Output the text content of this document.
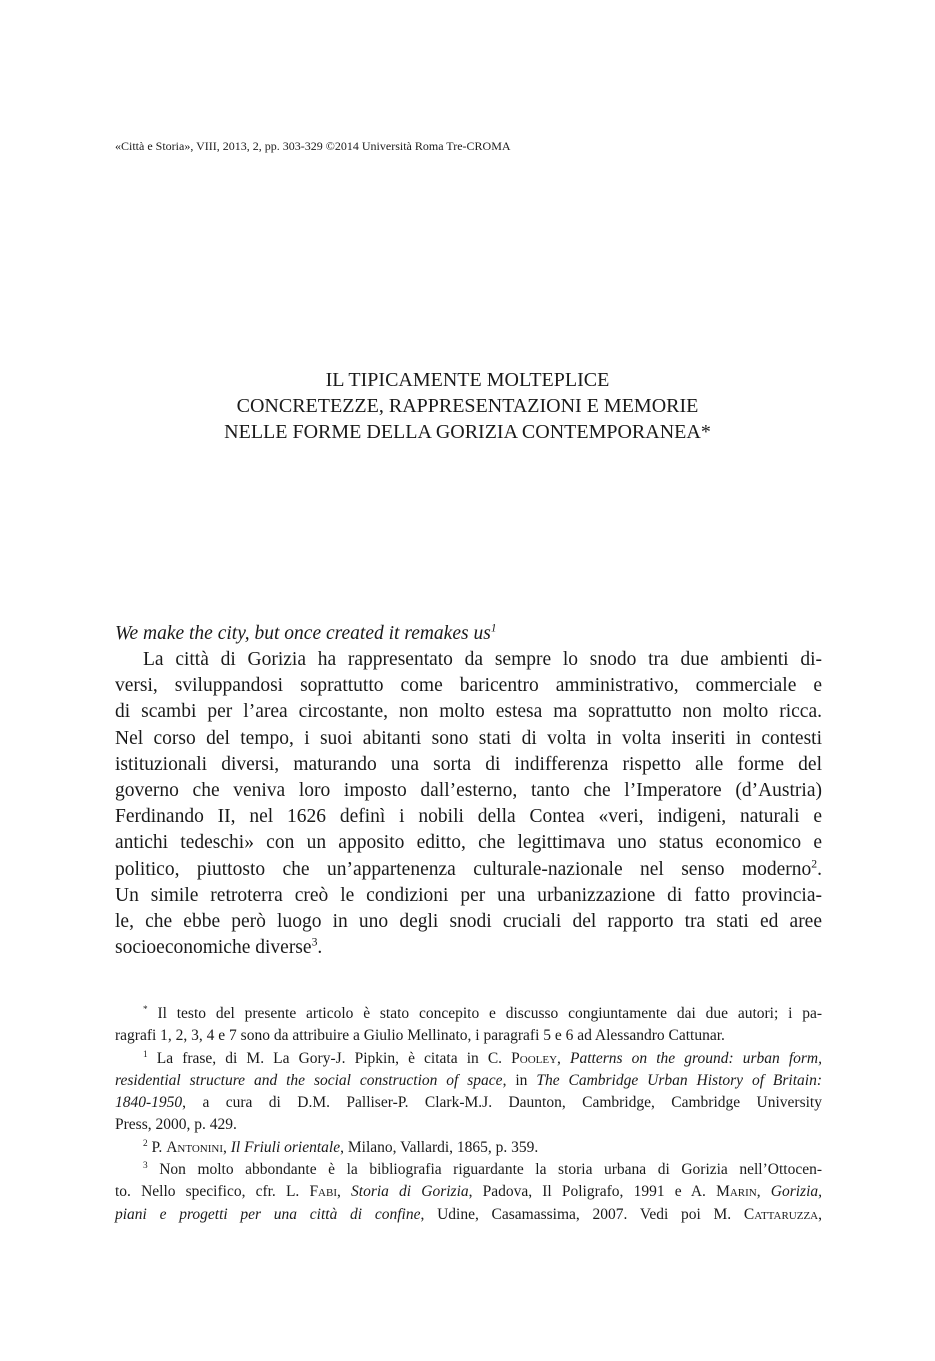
«Città e Storia», VIII, 2013, 2, pp. 303-329 ©2014 Università Roma Tre-CROMA
IL TIPICAMENTE MOLTEPLICE
CONCRETEZZE, RAPPRESENTAZIONI E MEMORIE
NELLE FORME DELLA GORIZIA CONTEMPORANEA*
We make the city, but once created it remakes $us^1$
La città di Gorizia ha rappresentato da sempre lo snodo tra due ambienti di-
versi, sviluppandosi soprattutto come baricentro amministrativo, commerciale e
di scambi per l’area circostante, non molto estesa ma soprattutto non molto ricca.
Nel corso del tempo, i suoi abitanti sono stati di volta in volta inseriti in contesti
istituzionali diversi, maturando una sorta di indifferenza rispetto alle forme del
governo che veniva loro imposto dall’esterno, tanto che l’Imperatore (d’Austria)
Ferdinando II, nel 1626 definì i nobili della Contea «veri, indigeni, naturali e
antichi tedeschi» con un apposito editto, che legittimava uno status economico e
politico, piuttosto che un’appartenenza culturale-nazionale nel senso moderno$^2$.
Un simile retroterra creò le condizioni per una urbanizzazione di fatto provincia-
le, che ebbe però luogo in uno degli snodi cruciali del rapporto tra stati ed aree
socioeconomiche diverse$^3$.
* Il testo del presente articolo è stato concepito e discusso congiuntamente dai due autori; i pa-
ragrafi 1, 2, 3, 4 e 7 sono da attribuire a Giulio Mellinato, i paragrafi 5 e 6 ad Alessandro Cattunar.
$^1$ La frase, di M. La Gory-J. Pipkin, è citata in C. Pooley, Patterns on the ground: urban form,
residential structure and the social construction of space, in The Cambridge Urban History of Britain:
1840-1950, a cura di D.M. Palliser-P. Clark-M.J. Daunton, Cambridge, Cambridge University
Press, 2000, p. 429.
$^2$ P. Antonini, Il Friuli orientale, Milano, Vallardi, 1865, p. 359.
$^3$ Non molto abbondante è la bibliografia riguardante la storia urbana di Gorizia nell’Ottocen-
to. Nello specifico, cfr. L. Fabi, Storia di Gorizia, Padova, Il Poligrafo, 1991 e A. Marin, Gorizia,
piani e progetti per una città di confine, Udine, Casamassima, 2007. Vedi poi M. Cattaruzza,
